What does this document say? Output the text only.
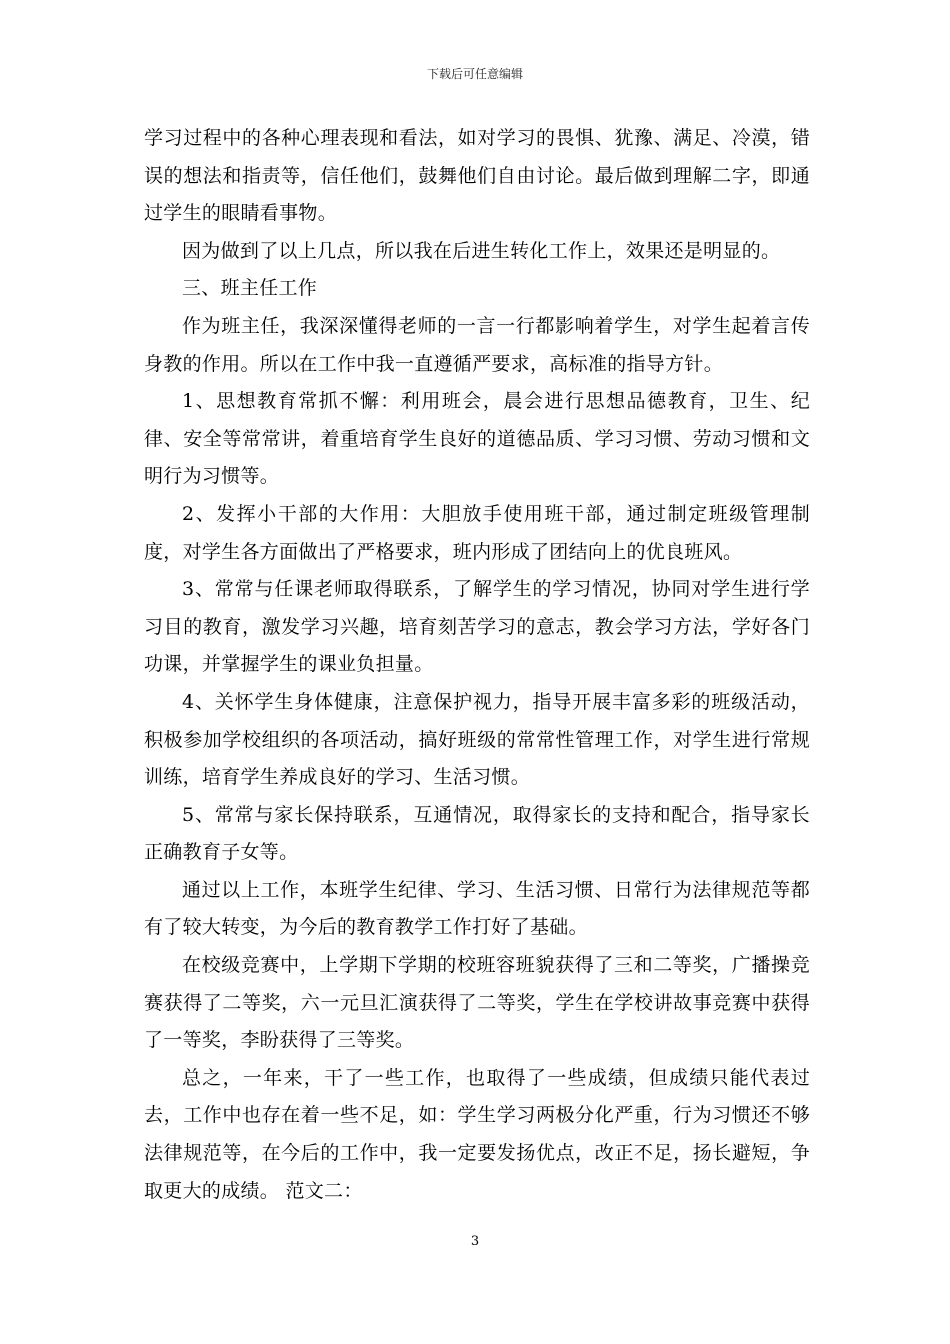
下载后可任意编辑

学习过程中的各种心理表现和看法，如对学习的畏惧、犹豫、满足、冷漠，错误的想法和指责等，信任他们，鼓舞他们自由讨论。最后做到理解二字，即通过学生的眼睛看事物。

因为做到了以上几点，所以我在后进生转化工作上，效果还是明显的。

三、班主任工作

作为班主任，我深深懂得老师的一言一行都影响着学生，对学生起着言传身教的作用。所以在工作中我一直遵循严要求，高标准的指导方针。

1、思想教育常抓不懈：利用班会，晨会进行思想品德教育，卫生、纪律、安全等常常讲，着重培育学生良好的道德品质、学习习惯、劳动习惯和文明行为习惯等。

2、发挥小干部的大作用：大胆放手使用班干部，通过制定班级管理制度，对学生各方面做出了严格要求，班内形成了团结向上的优良班风。

3、常常与任课老师取得联系，了解学生的学习情况，协同对学生进行学习目的教育，激发学习兴趣，培育刻苦学习的意志，教会学习方法，学好各门功课，并掌握学生的课业负担量。

4、关怀学生身体健康，注意保护视力，指导开展丰富多彩的班级活动，积极参加学校组织的各项活动，搞好班级的常常性管理工作，对学生进行常规训练，培育学生养成良好的学习、生活习惯。

5、常常与家长保持联系，互通情况，取得家长的支持和配合，指导家长正确教育子女等。

通过以上工作，本班学生纪律、学习、生活习惯、日常行为法律规范等都有了较大转变，为今后的教育教学工作打好了基础。

在校级竞赛中，上学期下学期的校班容班貌获得了三和二等奖，广播操竞赛获得了二等奖，六一元旦汇演获得了二等奖，学生在学校讲故事竞赛中获得了一等奖，李盼获得了三等奖。

总之，一年来，干了一些工作，也取得了一些成绩，但成绩只能代表过去，工作中也存在着一些不足，如：学生学习两极分化严重，行为习惯还不够法律规范等，在今后的工作中，我一定要发扬优点，改正不足，扬长避短，争取更大的成绩。 范文二：

3
